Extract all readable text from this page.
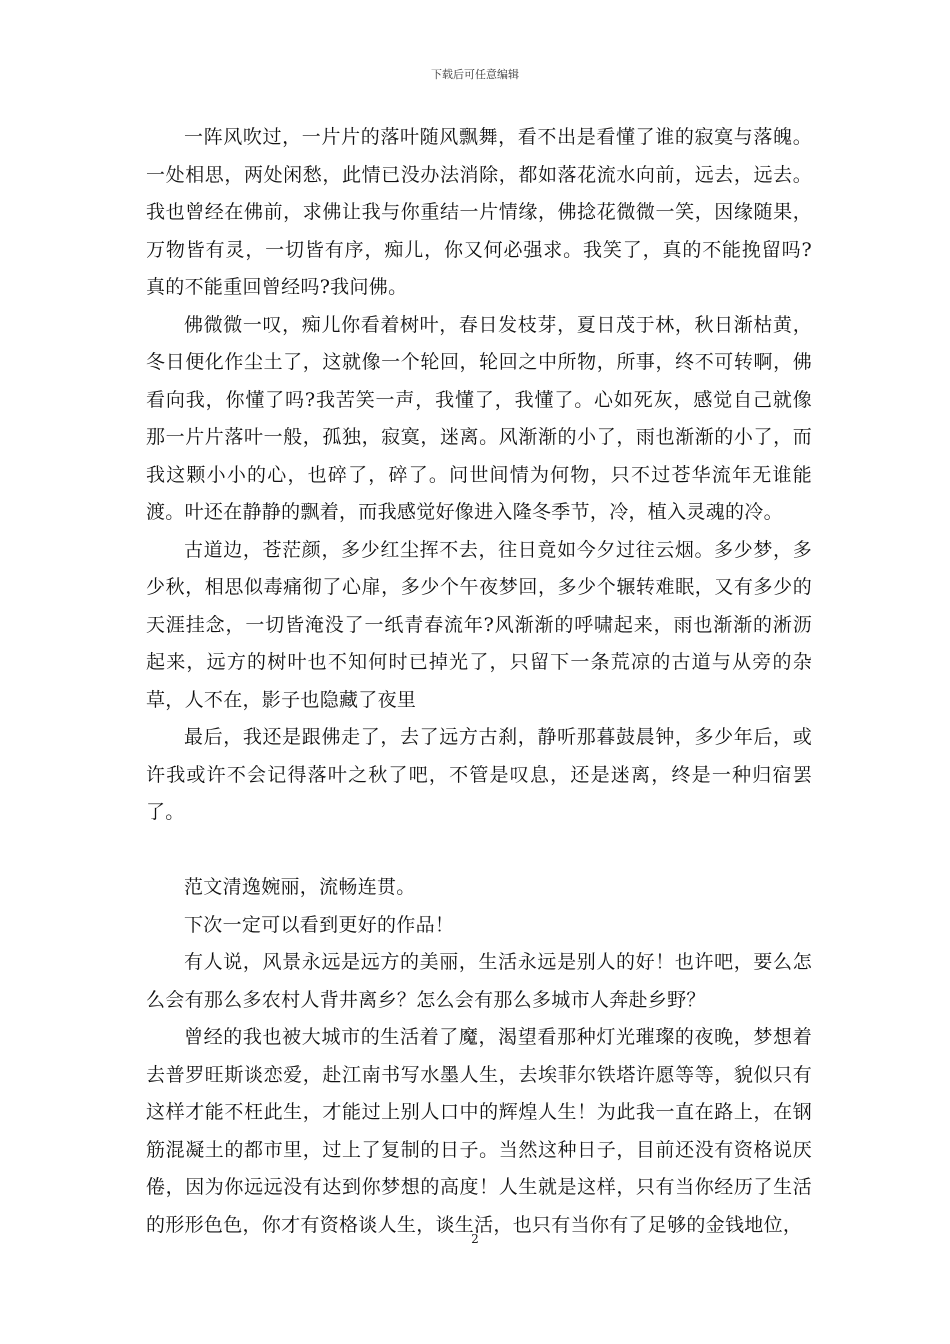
下载后可任意编辑

一阵风吹过，一片片的落叶随风飘舞，看不出是看懂了谁的寂寞与落魄。一处相思，两处闲愁，此情已没办法消除，都如落花流水向前，远去，远去。我也曾经在佛前，求佛让我与你重结一片情缘，佛捻花微微一笑，因缘随果，万物皆有灵，一切皆有序，痴儿，你又何必强求。我笑了，真的不能挽留吗?真的不能重回曾经吗?我问佛。

佛微微一叹，痴儿你看着树叶，春日发枝芽，夏日茂于林，秋日渐枯黄，冬日便化作尘土了，这就像一个轮回，轮回之中所物，所事，终不可转啊，佛看向我，你懂了吗?我苦笑一声，我懂了，我懂了。心如死灰，感觉自己就像那一片片落叶一般，孤独，寂寞，迷离。风渐渐的小了，雨也渐渐的小了，而我这颗小小的心，也碎了，碎了。问世间情为何物，只不过苍华流年无谁能渡。叶还在静静的飘着，而我感觉好像进入隆冬季节，冷，植入灵魂的冷。

古道边，苍茫颜，多少红尘挥不去，往日竟如今夕过往云烟。多少梦，多少秋，相思似毒痛彻了心扉，多少个午夜梦回，多少个辗转难眠，又有多少的天涯挂念，一切皆淹没了一纸青春流年?风渐渐的呼啸起来，雨也渐渐的淅沥起来，远方的树叶也不知何时已掉光了，只留下一条荒凉的古道与从旁的杂草，人不在，影子也隐藏了夜里

最后，我还是跟佛走了，去了远方古刹，静听那暮鼓晨钟，多少年后，或许我或许不会记得落叶之秋了吧，不管是叹息，还是迷离，终是一种归宿罢了。

范文清逸婉丽，流畅连贯。

下次一定可以看到更好的作品！

有人说，风景永远是远方的美丽，生活永远是别人的好！也许吧，要么怎么会有那么多农村人背井离乡？怎么会有那么多城市人奔赴乡野？

曾经的我也被大城市的生活着了魔，渴望看那种灯光璀璨的夜晚，梦想着去普罗旺斯谈恋爱，赴江南书写水墨人生，去埃菲尔铁塔许愿等等，貌似只有这样才能不枉此生，才能过上别人口中的辉煌人生！为此我一直在路上，在钢筋混凝土的都市里，过上了复制的日子。当然这种日子，目前还没有资格说厌倦，因为你远远没有达到你梦想的高度！人生就是这样，只有当你经历了生活的形形色色，你才有资格谈人生，谈生活，也只有当你有了足够的金钱地位，

2
